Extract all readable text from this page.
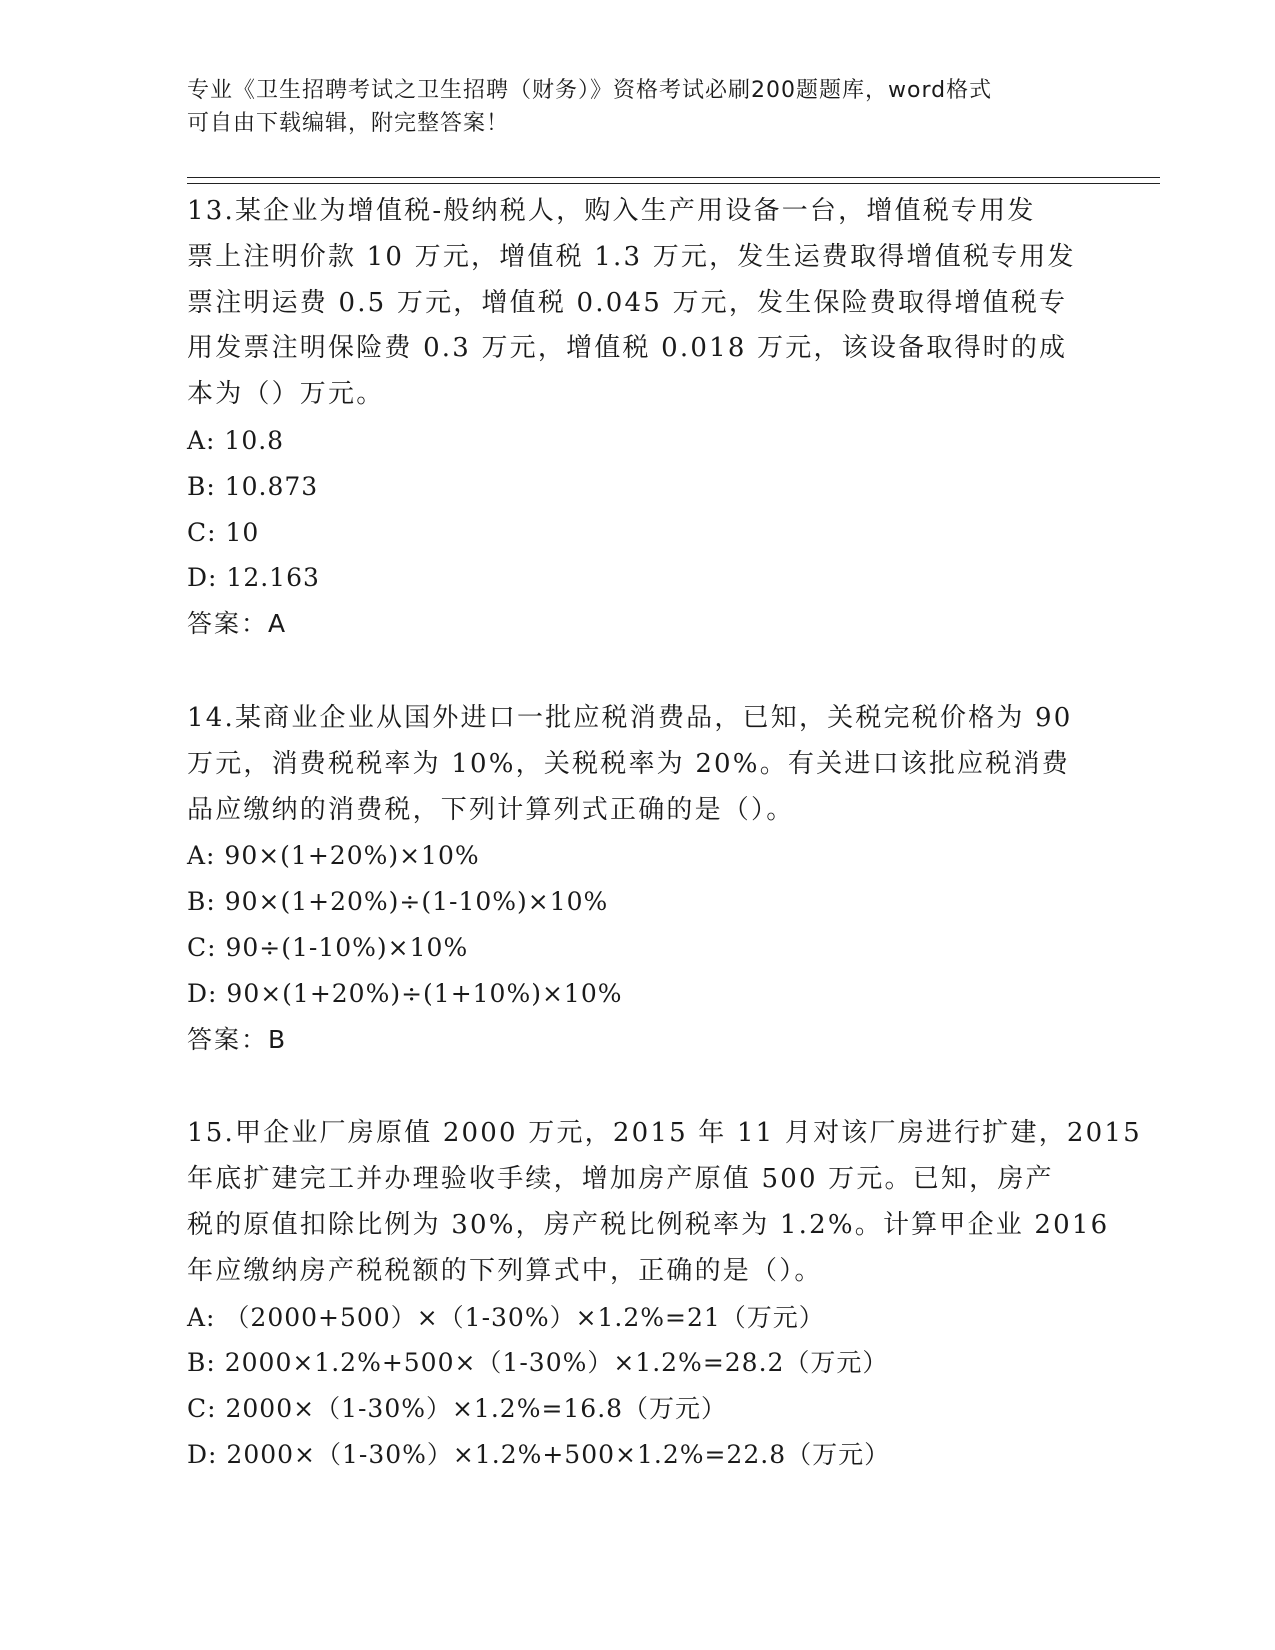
专业《卫生招聘考试之卫生招聘（财务）》资格考试必刷200题题库，word格式
可自由下载编辑，附完整答案！
13.某企业为增值税-般纳税人，购入生产用设备一台，增值税专用发
票上注明价款 10 万元，增值税 1.3 万元，发生运费取得增值税专用发
票注明运费 0.5 万元，增值税 0.045 万元，发生保险费取得增值税专
用发票注明保险费 0.3 万元，增值税 0.018 万元，该设备取得时的成
本为（）万元。
A: 10.8
B: 10.873
C: 10
D: 12.163
答案：A
14.某商业企业从国外进口一批应税消费品，已知，关税完税价格为 90
万元，消费税税率为 10%，关税税率为 20%。有关进口该批应税消费
品应缴纳的消费税，下列计算列式正确的是（）。
A: 90×(1+20%)×10%
B: 90×(1+20%)÷(1-10%)×10%
C: 90÷(1-10%)×10%
D: 90×(1+20%)÷(1+10%)×10%
答案：B
15.甲企业厂房原值 2000 万元，2015 年 11 月对该厂房进行扩建，2015
年底扩建完工并办理验收手续，增加房产原值 500 万元。已知，房产
税的原值扣除比例为 30%，房产税比例税率为 1.2%。计算甲企业 2016
年应缴纳房产税税额的下列算式中，正确的是（）。
A: （2000+500）×（1-30%）×1.2%=21（万元）
B: 2000×1.2%+500×（1-30%）×1.2%=28.2（万元）
C: 2000×（1-30%）×1.2%=16.8（万元）
D: 2000×（1-30%）×1.2%+500×1.2%=22.8（万元）
